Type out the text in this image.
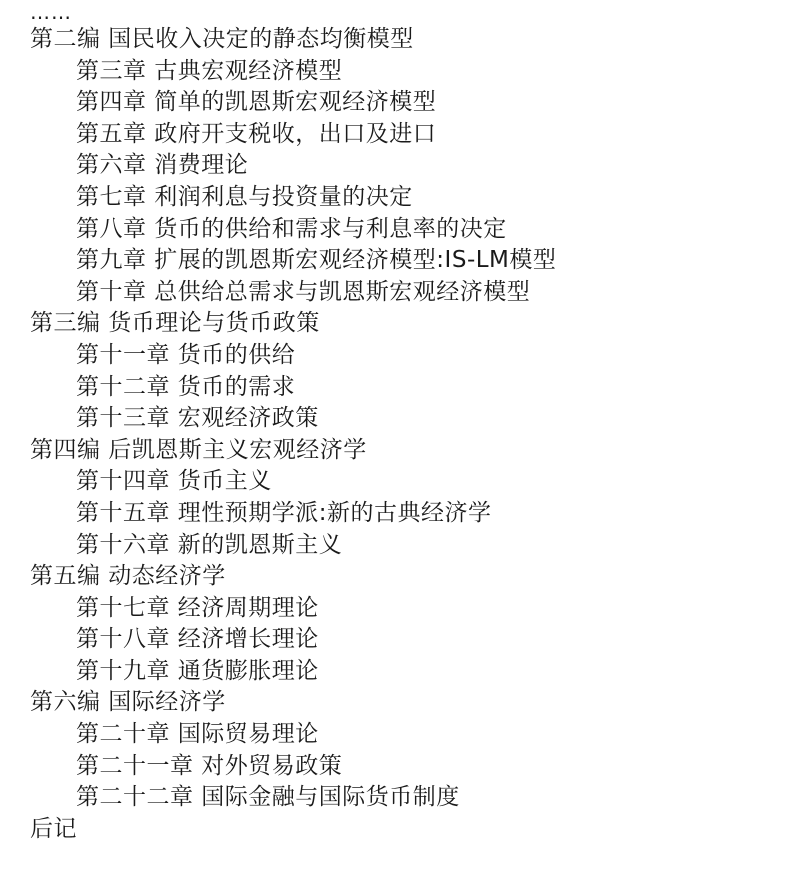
……
第二编 国民收入决定的静态均衡模型
第三章 古典宏观经济模型
第四章 简单的凯恩斯宏观经济模型
第五章 政府开支税收，出口及进口
第六章 消费理论
第七章 利润利息与投资量的决定
第八章 货币的供给和需求与利息率的决定
第九章 扩展的凯恩斯宏观经济模型:IS-LM模型
第十章 总供给总需求与凯恩斯宏观经济模型
第三编 货币理论与货币政策
第十一章 货币的供给
第十二章 货币的需求
第十三章 宏观经济政策
第四编 后凯恩斯主义宏观经济学
第十四章 货币主义
第十五章 理性预期学派:新的古典经济学
第十六章 新的凯恩斯主义
第五编 动态经济学
第十七章 经济周期理论
第十八章 经济增长理论
第十九章 通货膨胀理论
第六编 国际经济学
第二十章 国际贸易理论
第二十一章 对外贸易政策
第二十二章 国际金融与国际货币制度
后记
